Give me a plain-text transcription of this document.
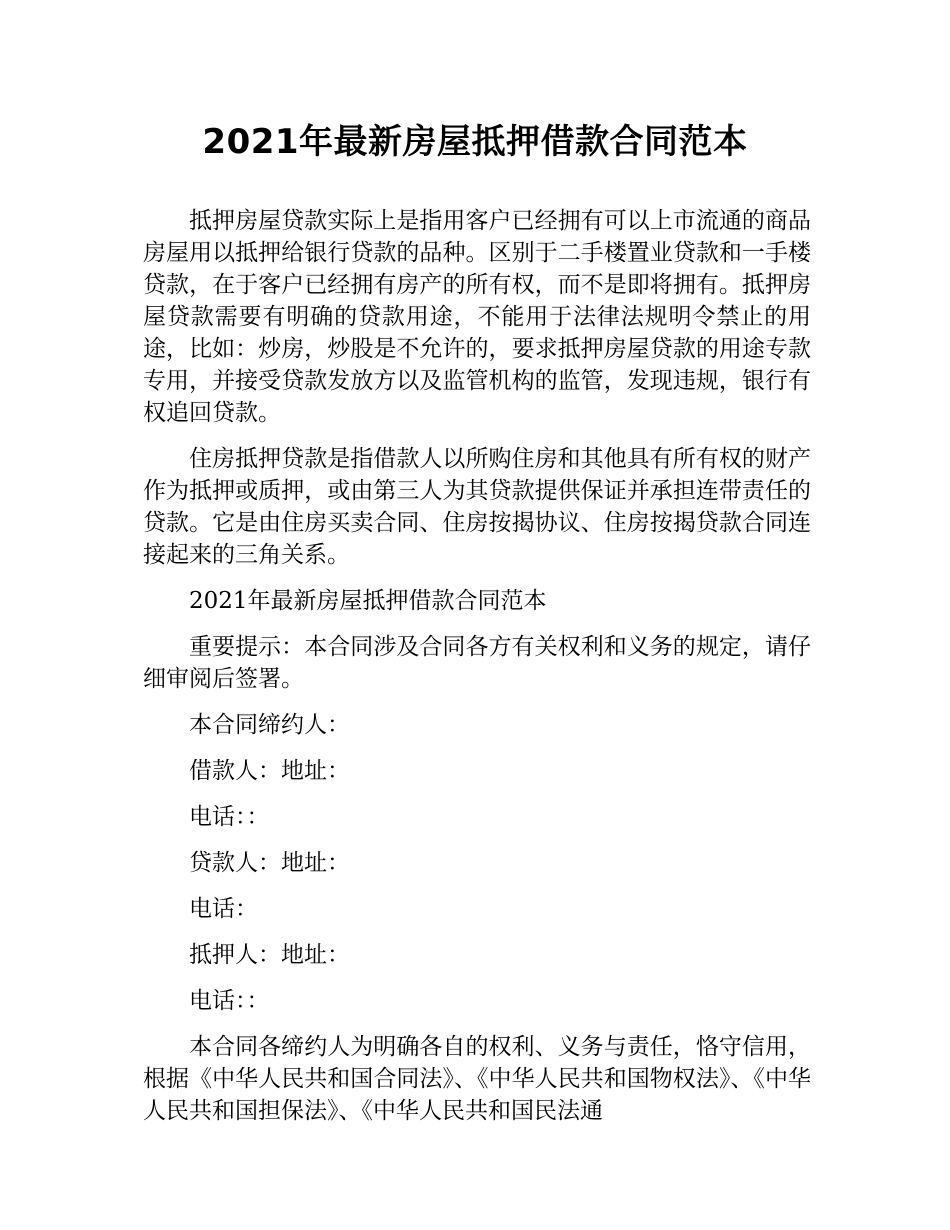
2021年最新房屋抵押借款合同范本

抵押房屋贷款实际上是指用客户已经拥有可以上市流通的商品房屋用以抵押给银行贷款的品种。区别于二手楼置业贷款和一手楼贷款，在于客户已经拥有房产的所有权，而不是即将拥有。抵押房屋贷款需要有明确的贷款用途，不能用于法律法规明令禁止的用途，比如：炒房，炒股是不允许的，要求抵押房屋贷款的用途专款专用，并接受贷款发放方以及监管机构的监管，发现违规，银行有权追回贷款。

住房抵押贷款是指借款人以所购住房和其他具有所有权的财产作为抵押或质押，或由第三人为其贷款提供保证并承担连带责任的贷款。它是由住房买卖合同、住房按揭协议、住房按揭贷款合同连接起来的三角关系。

2021年最新房屋抵押借款合同范本

重要提示：本合同涉及合同各方有关权利和义务的规定，请仔细审阅后签署。

本合同缔约人：

借款人：地址：

电话：：

贷款人：地址：

电话：

抵押人：地址：

电话：：

本合同各缔约人为明确各自的权利、义务与责任，恪守信用，根据《中华人民共和国合同法》、《中华人民共和国物权法》、《中华人民共和国担保法》、《中华人民共和国民法通
